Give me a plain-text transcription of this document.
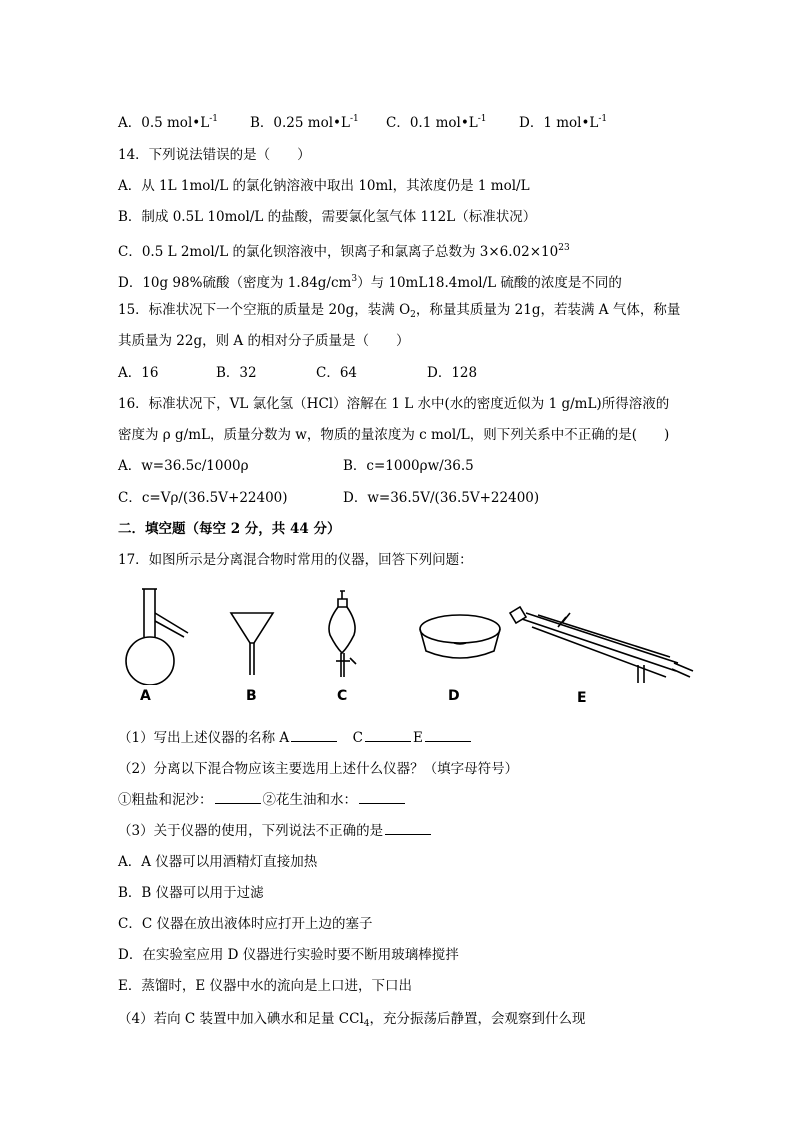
A．0.5 $mol•L^{-1}$ B．0.25 $mol•L^{-1}$ C．0.1 $mol•L^{-1}$ D．1 $mol•L^{-1}$
14．下列说法错误的是（　　）
A．从 1L 1mol/L 的氯化钠溶液中取出 10ml，其浓度仍是 1 mol/L
B．制成 0.5L 10mol/L 的盐酸，需要氯化氢气体 112L（标准状况）
C．0.5 L 2mol/L 的氯化钡溶液中，钡离子和氯离子总数为 $3\times 6.02\times 10^{23}$
D．10g 98%硫酸（密度为 $1.84g/cm^3$）与 10mL18.4mol/L 硫酸的浓度是不同的
15．标准状况下一个空瓶的质量是 20g，装满 $O_2$，称量其质量为 21g，若装满 A 气体，称量
其质量为 22g，则 A 的相对分子质量是（　　）
A．16	B．32	C．64	D．128
16．标准状况下，VL 氯化氢（HCl）溶解在 1 L 水中(水的密度近似为 1 g/mL)所得溶液的
密度为 ρ g/mL，质量分数为 w，物质的量浓度为 c mol/L，则下列关系中不正确的是(　　)
A．w=36.5c/1000ρ	B．c=1000ρw/36.5
C．c=Vρ/(36.5V+22400)	D．w=36.5V/(36.5V+22400)
二．填空题（每空 2 分，共 44 分）
17．如图所示是分离混合物时常用的仪器，回答下列问题：
A	B	C	D	E
（1）写出上述仪器的名称 A　	C	E
（2）分离以下混合物应该主要选用上述什么仪器？（填字母符号）
①粗盐和泥沙：	②花生油和水：
（3）关于仪器的使用，下列说法不正确的是
A．A 仪器可以用酒精灯直接加热
B．B 仪器可以用于过滤
C．C 仪器在放出液体时应打开上边的塞子
D．在实验室应用 D 仪器进行实验时要不断用玻璃棒搅拌
E．蒸馏时，E 仪器中水的流向是上口进，下口出
（4）若向 C 装置中加入碘水和足量 CCl$_4$，充分振荡后静置，会观察到什么现
